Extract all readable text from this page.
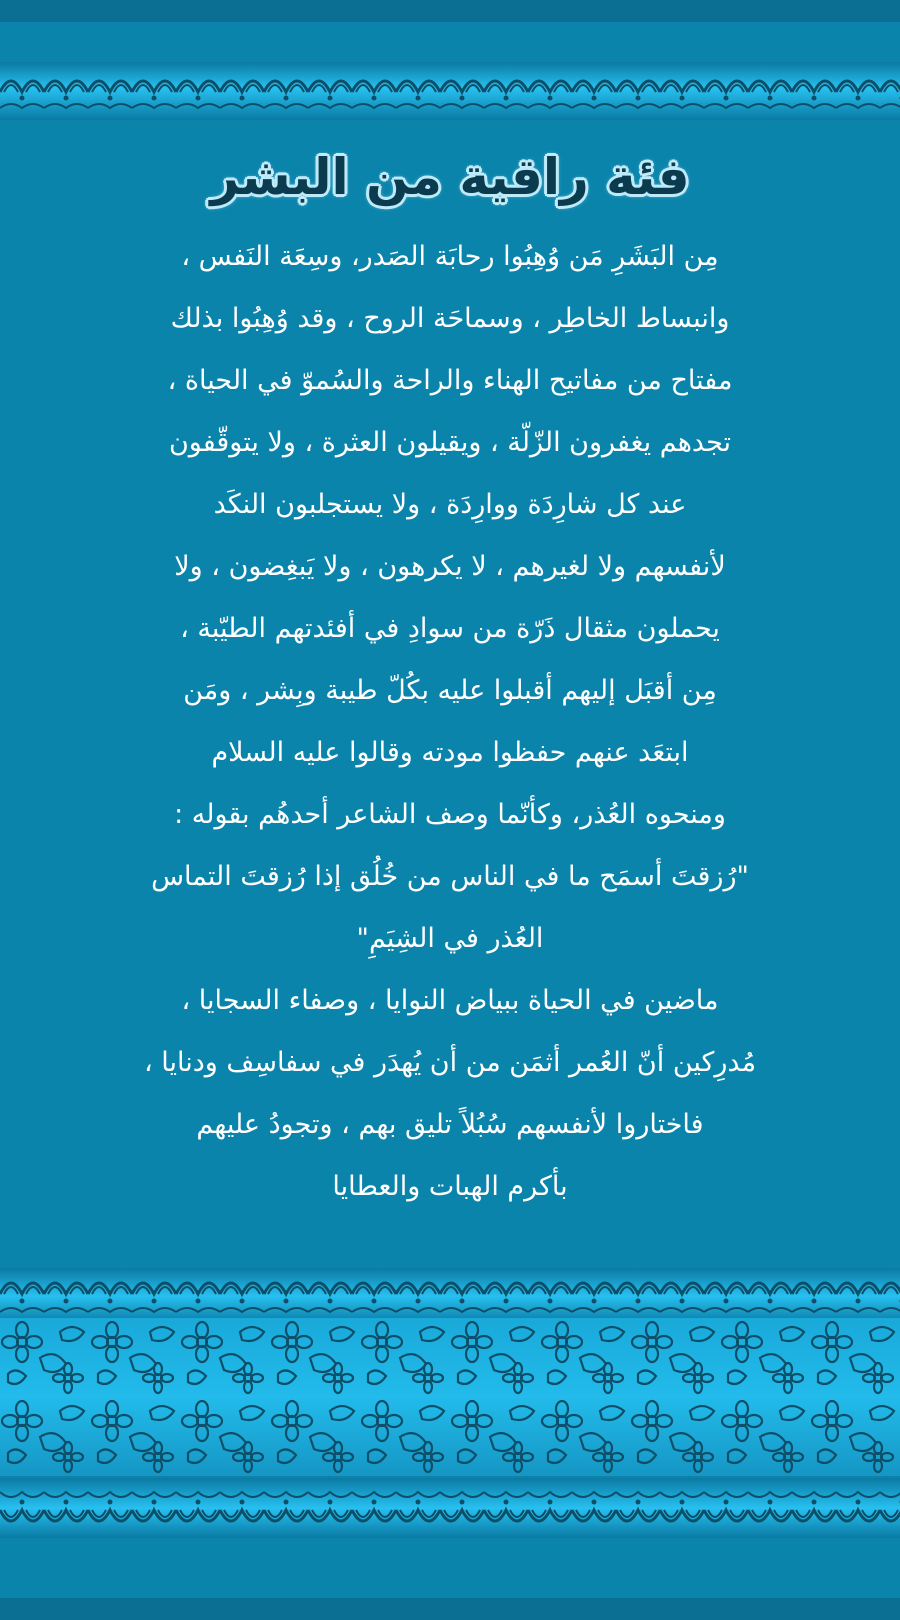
فئة راقية من البشر
مِن البَشَرِ مَن وُهِبُوا رحابَة الصَدر، وسِعَة النَفس ،
وانبساط الخاطِر ، وسماحَة الروح ، وقد وُهِبُوا بذلك
مفتاح من مفاتيح الهناء والراحة والسُموّ في الحياة ،
تجدهم يغفرون الزّلّة ، ويقيلون العثرة ، ولا يتوقّفون
عند كل شارِدَة ووارِدَة ، ولا يستجلبون النكَد
لأنفسهم ولا لغيرهم ، لا يكرهون ، ولا يَبغِضون ، ولا
يحملون مثقال ذَرّة من سوادِ في أفئدتهم الطيّبة ،
مِن أقبَل إليهم أقبلوا عليه بكُلّ طيبة وبِشر ، ومَن
ابتعَد عنهم حفظوا مودته وقالوا عليه السلام
ومنحوه العُذر، وكأنّما وصف الشاعر أحدهُم بقوله :
"رُزقتَ أسمَح ما في الناس من خُلُق إذا رُزقتَ التماس
العُذر في الشِيَمِ"
ماضين في الحياة ببياض النوايا ، وصفاء السجايا ،
مُدرِكين أنّ العُمر أثمَن من أن يُهدَر في سفاسِف ودنايا ،
فاختاروا لأنفسهم سُبُلاً تليق بهم ، وتجودُ عليهم
بأكرم الهبات والعطايا
